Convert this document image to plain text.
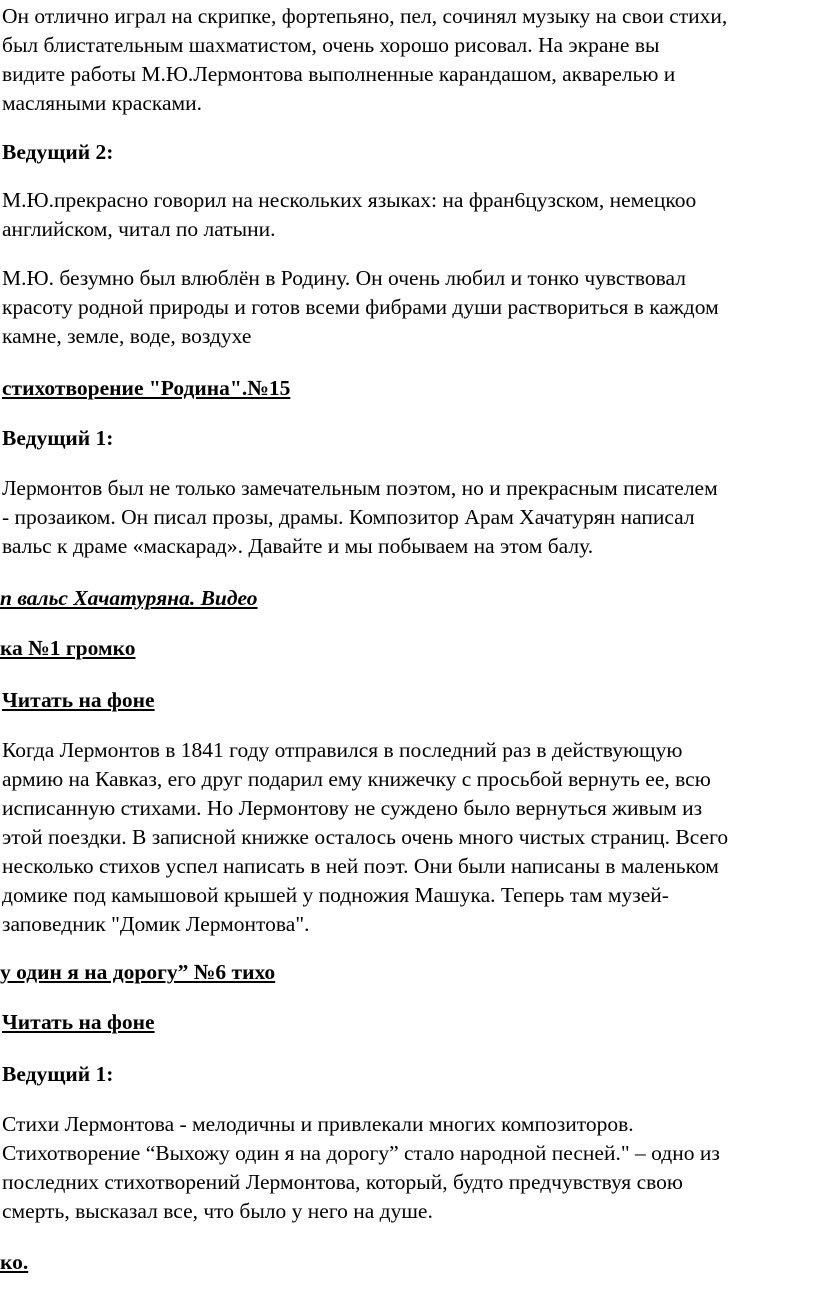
Он отлично играл на скрипке, фортепьяно, пел, сочинял музыку на свои стихи,
был блистательным шахматистом, очень хорошо рисовал. На экране вы
видите работы М.Ю.Лермонтова выполненные карандашом, акварелью и
масляными красками.

Ведущий 2:

М.Ю.прекрасно говорил на нескольких языках: на фран6цузском, немецкоо
английском, читал по латыни.

М.Ю. безумно был влюблён в Родину. Он очень любил и тонко чувствовал
красоту родной природы и готов всеми фибрами души раствориться в каждом
камне, земле, воде, воздухе

стихотворение "Родина".№15

Ведущий 1:

Лермонтов был не только замечательным поэтом, но и прекрасным писателем
- прозаиком. Он писал прозы, драмы. Композитор Арам Хачатурян написал
вальс к драме «маскарад». Давайте и мы побываем на этом балу.

п вальс Хачатуряна. Видео

ка №1 громко

Читать на фоне

Когда Лермонтов в 1841 году отправился в последний раз в действующую
армию на Кавказ, его друг подарил ему книжечку с просьбой вернуть ее, всю
исписанную стихами. Но Лермонтову не суждено было вернуться живым из
этой поездки. В записной книжке осталось очень много чистых страниц. Всего
несколько стихов успел написать в ней поэт. Они были написаны в маленьком
домике под камышовой крышей у подножия Машука. Теперь там музей-
заповедник "Домик Лермонтова".

у один я на дорогу” №6 тихо

Читать на фоне

Ведущий 1:

Стихи Лермонтова - мелодичны и привлекали многих композиторов.
Стихотворение “Выхожу один я на дорогу” стало народной песней." – одно из
последних стихотворений Лермонтова, который, будто предчувствуя свою
смерть, высказал все, что было у него на душе.

ко.
